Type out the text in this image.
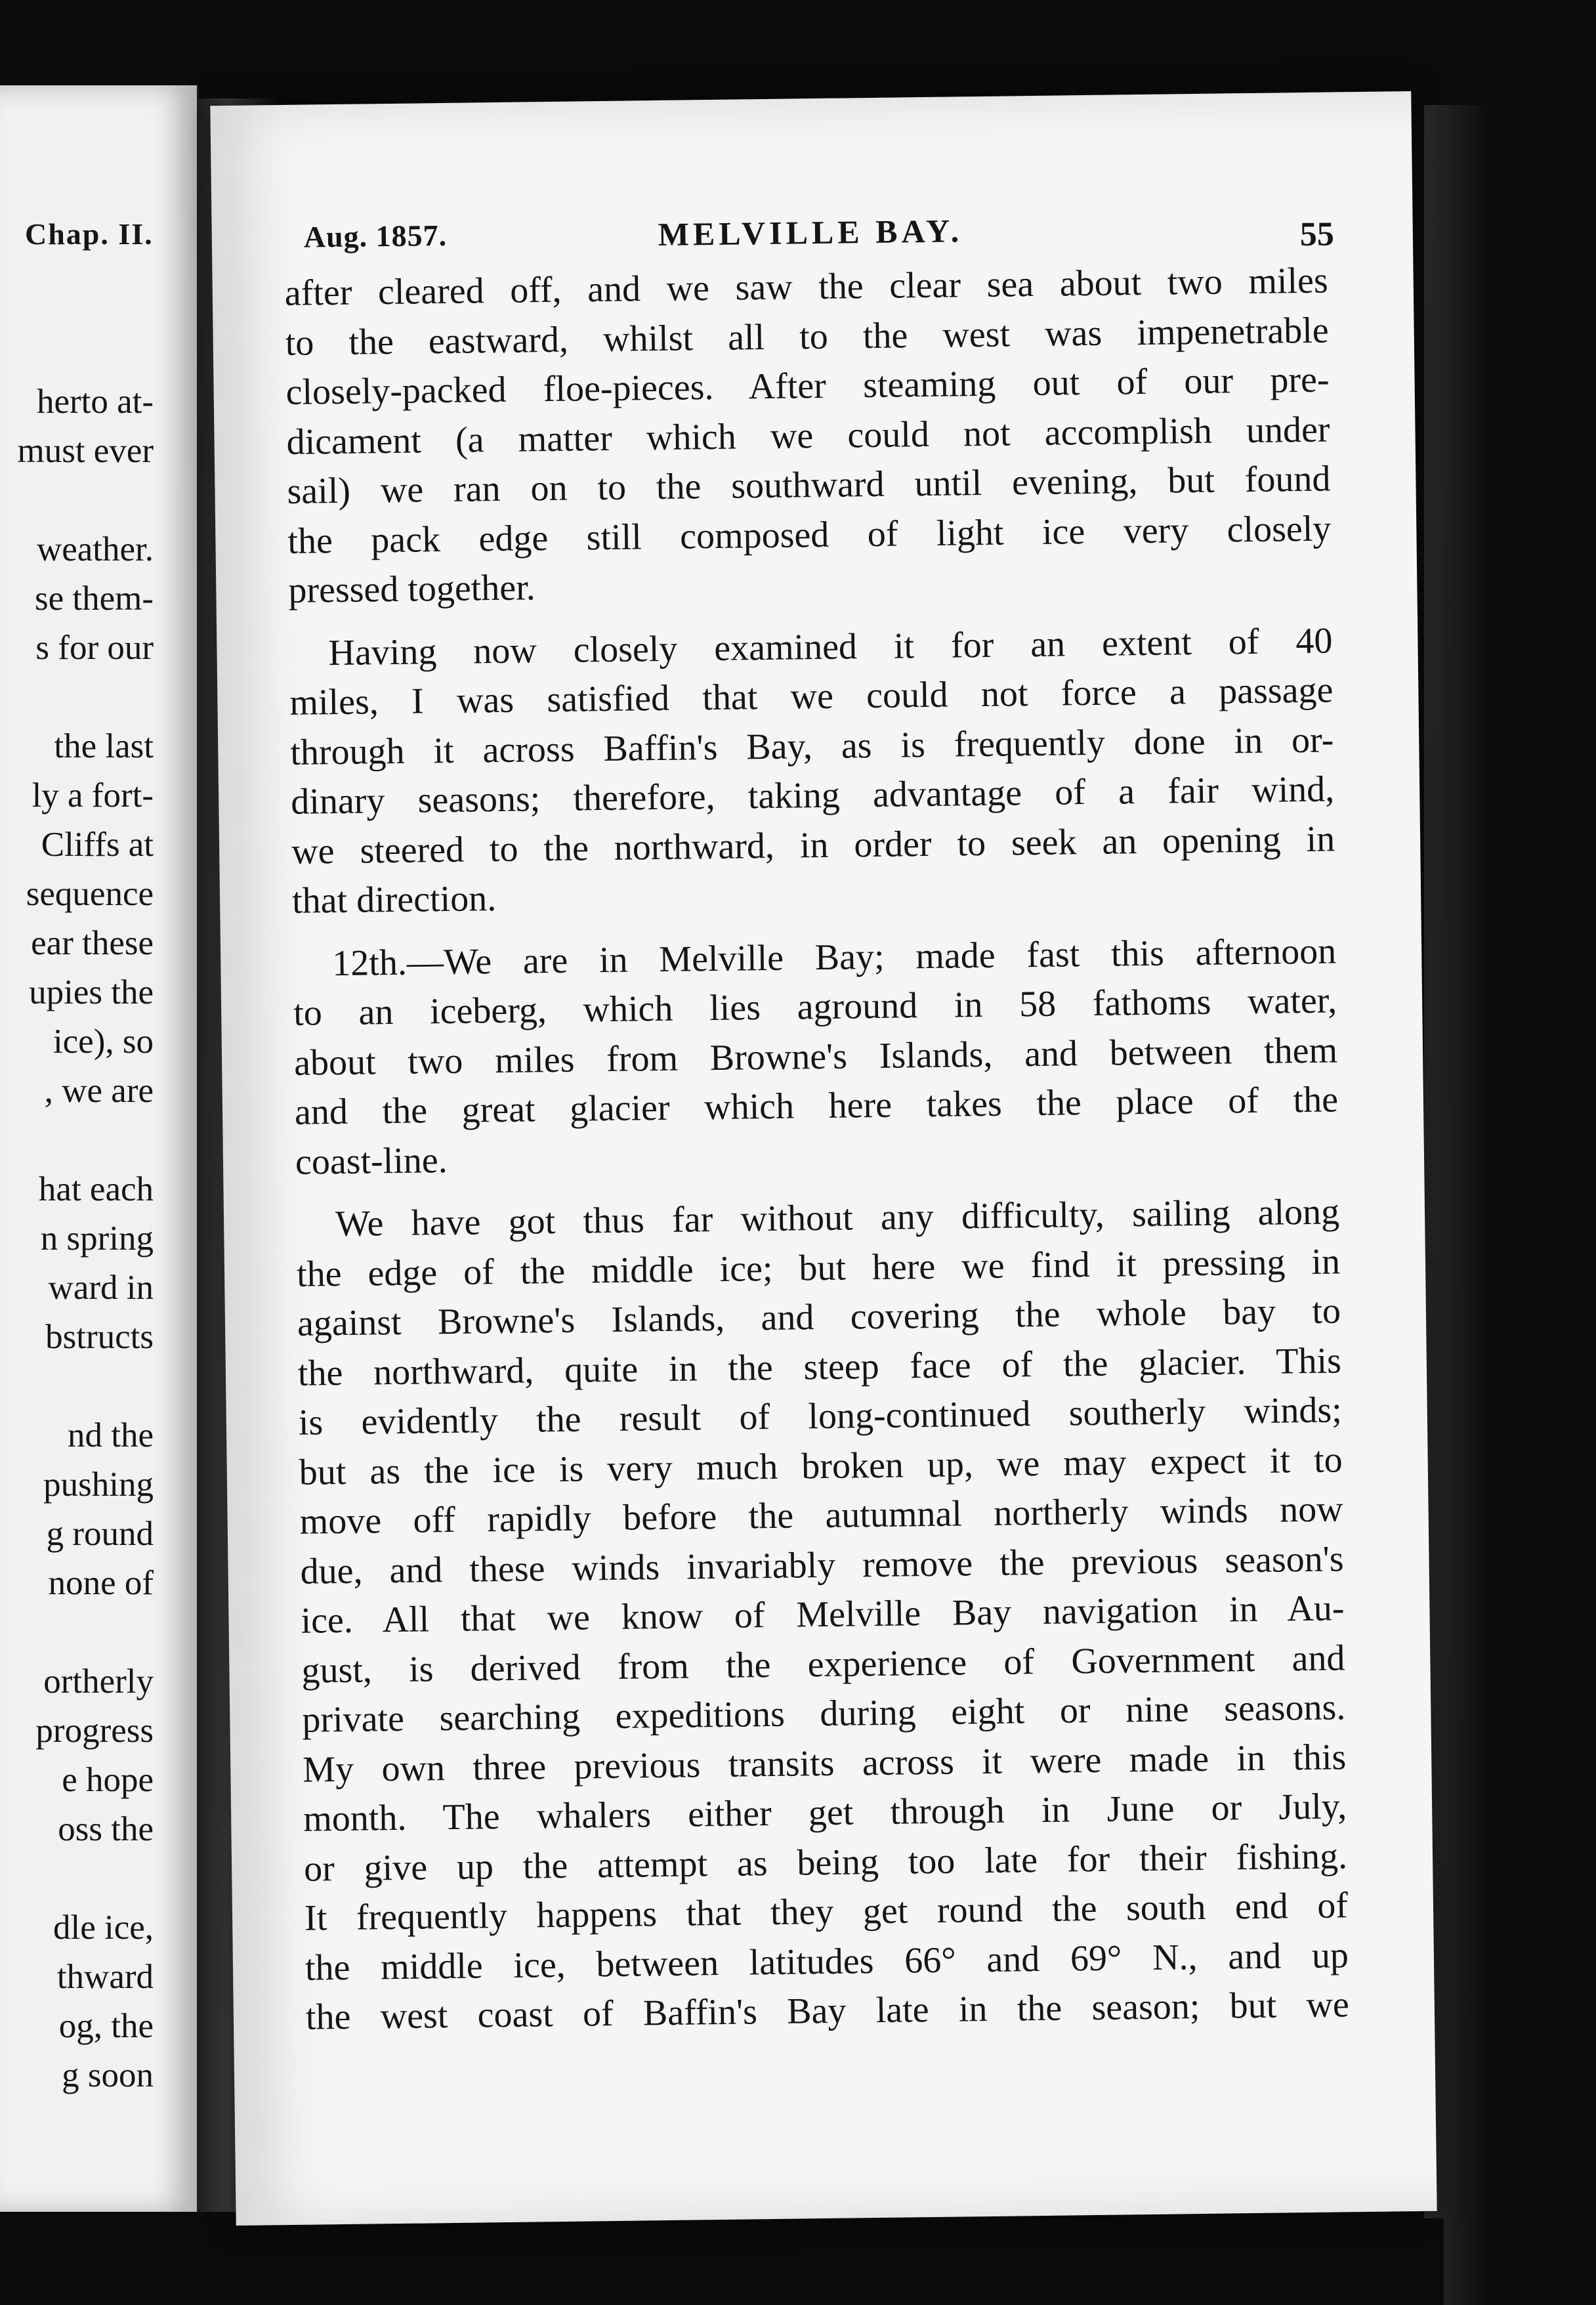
Chap. II.
herto at-
must ever
weather.
se them-
s for our
the last
ly a fort-
Cliffs at
sequence
ear these
upies the
ice), so
, we are
hat each
n spring
ward in
bstructs
nd the
pushing
g round
none of
ortherly
progress
e hope
oss the
dle ice,
thward
og, the
g soon
Aug. 1857.	MELVILLE BAY.	55
after cleared off, and we saw the clear sea about two miles
to the eastward, whilst all to the west was impenetrable
closely-packed floe-pieces. After steaming out of our pre-
dicament (a matter which we could not accomplish under
sail) we ran on to the southward until evening, but found
the pack edge still composed of light ice very closely
pressed together.
Having now closely examined it for an extent of 40
miles, I was satisfied that we could not force a passage
through it across Baffin's Bay, as is frequently done in or-
dinary seasons; therefore, taking advantage of a fair wind,
we steered to the northward, in order to seek an opening in
that direction.
12th.—We are in Melville Bay; made fast this afternoon
to an iceberg, which lies aground in 58 fathoms water,
about two miles from Browne's Islands, and between them
and the great glacier which here takes the place of the
coast-line.
We have got thus far without any difficulty, sailing along
the edge of the middle ice; but here we find it pressing in
against Browne's Islands, and covering the whole bay to
the northward, quite in the steep face of the glacier. This
is evidently the result of long-continued southerly winds;
but as the ice is very much broken up, we may expect it to
move off rapidly before the autumnal northerly winds now
due, and these winds invariably remove the previous season's
ice. All that we know of Melville Bay navigation in Au-
gust, is derived from the experience of Government and
private searching expeditions during eight or nine seasons.
My own three previous transits across it were made in this
month. The whalers either get through in June or July,
or give up the attempt as being too late for their fishing.
It frequently happens that they get round the south end of
the middle ice, between latitudes 66° and 69° N., and up
the west coast of Baffin's Bay late in the season; but we
